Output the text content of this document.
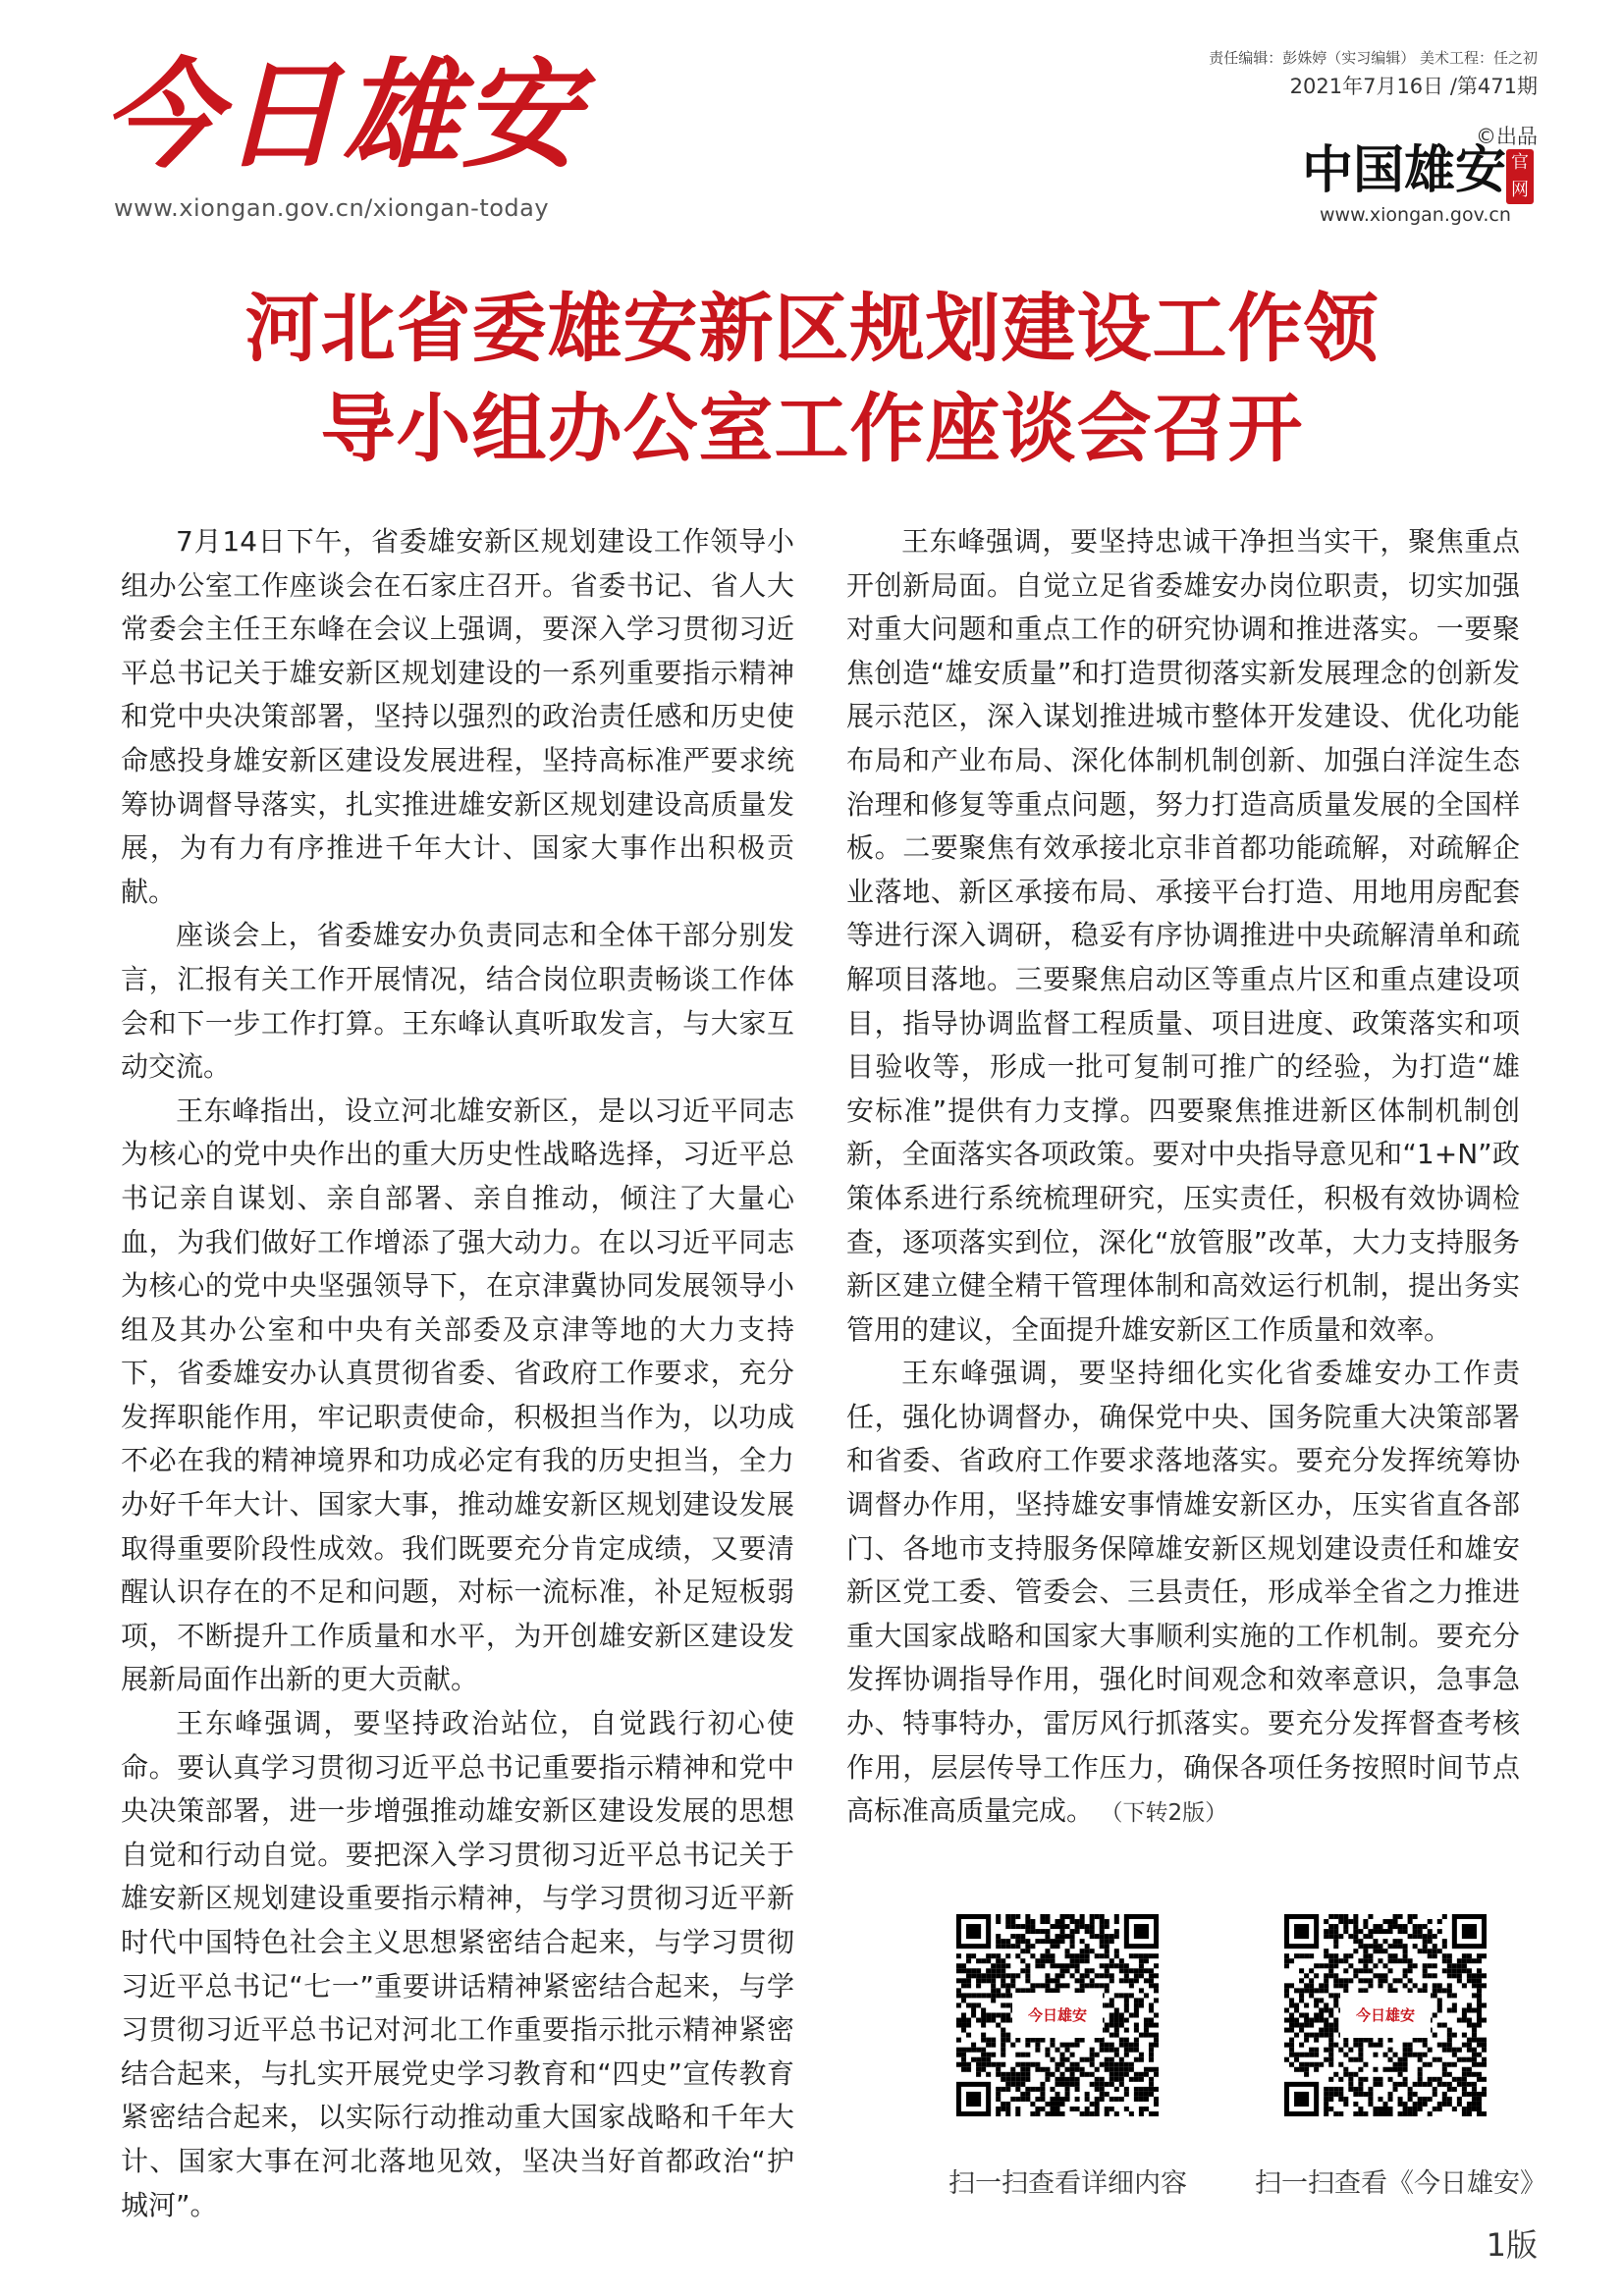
今日雄安
www.xiongan.gov.cn/xiongan-today
责任编辑：彭姝婷（实习编辑） 美术工程：任之初
2021年7月16日 /第471期
©出品
中国雄安 官网
www.xiongan.gov.cn
河北省委雄安新区规划建设工作领
导小组办公室工作座谈会召开

7月14日下午，省委雄安新区规划建设工作领导小组办公室工作座谈会在石家庄召开。省委书记、省人大常委会主任王东峰在会议上强调，要深入学习贯彻习近平总书记关于雄安新区规划建设的一系列重要指示精神和党中央决策部署，坚持以强烈的政治责任感和历史使命感投身雄安新区建设发展进程，坚持高标准严要求统筹协调督导落实，扎实推进雄安新区规划建设高质量发展，为有力有序推进千年大计、国家大事作出积极贡献。

座谈会上，省委雄安办负责同志和全体干部分别发言，汇报有关工作开展情况，结合岗位职责畅谈工作体会和下一步工作打算。王东峰认真听取发言，与大家互动交流。

王东峰指出，设立河北雄安新区，是以习近平同志为核心的党中央作出的重大历史性战略选择，习近平总书记亲自谋划、亲自部署、亲自推动，倾注了大量心血，为我们做好工作增添了强大动力。在以习近平同志为核心的党中央坚强领导下，在京津冀协同发展领导小组及其办公室和中央有关部委及京津等地的大力支持下，省委雄安办认真贯彻省委、省政府工作要求，充分发挥职能作用，牢记职责使命，积极担当作为，以功成不必在我的精神境界和功成必定有我的历史担当，全力办好千年大计、国家大事，推动雄安新区规划建设发展取得重要阶段性成效。我们既要充分肯定成绩，又要清醒认识存在的不足和问题，对标一流标准，补足短板弱项，不断提升工作质量和水平，为开创雄安新区建设发展新局面作出新的更大贡献。

王东峰强调，要坚持政治站位，自觉践行初心使命。要认真学习贯彻习近平总书记重要指示精神和党中央决策部署，进一步增强推动雄安新区建设发展的思想自觉和行动自觉。要把深入学习贯彻习近平总书记关于雄安新区规划建设重要指示精神，与学习贯彻习近平新时代中国特色社会主义思想紧密结合起来，与学习贯彻习近平总书记“七一”重要讲话精神紧密结合起来，与学习贯彻习近平总书记对河北工作重要指示批示精神紧密结合起来，与扎实开展党史学习教育和“四史”宣传教育紧密结合起来，以实际行动推动重大国家战略和千年大计、国家大事在河北落地见效，坚决当好首都政治“护城河”。

王东峰强调，要坚持忠诚干净担当实干，聚焦重点开创新局面。自觉立足省委雄安办岗位职责，切实加强对重大问题和重点工作的研究协调和推进落实。一要聚焦创造“雄安质量”和打造贯彻落实新发展理念的创新发展示范区，深入谋划推进城市整体开发建设、优化功能布局和产业布局、深化体制机制创新、加强白洋淀生态治理和修复等重点问题，努力打造高质量发展的全国样板。二要聚焦有效承接北京非首都功能疏解，对疏解企业落地、新区承接布局、承接平台打造、用地用房配套等进行深入调研，稳妥有序协调推进中央疏解清单和疏解项目落地。三要聚焦启动区等重点片区和重点建设项目，指导协调监督工程质量、项目进度、政策落实和项目验收等，形成一批可复制可推广的经验，为打造“雄安标准”提供有力支撑。四要聚焦推进新区体制机制创新，全面落实各项政策。要对中央指导意见和“1+N”政策体系进行系统梳理研究，压实责任，积极有效协调检查，逐项落实到位，深化“放管服”改革，大力支持服务新区建立健全精干管理体制和高效运行机制，提出务实管用的建议，全面提升雄安新区工作质量和效率。

王东峰强调，要坚持细化实化省委雄安办工作责任，强化协调督办，确保党中央、国务院重大决策部署和省委、省政府工作要求落地落实。要充分发挥统筹协调督办作用，坚持雄安事情雄安新区办，压实省直各部门、各地市支持服务保障雄安新区规划建设责任和雄安新区党工委、管委会、三县责任，形成举全省之力推进重大国家战略和国家大事顺利实施的工作机制。要充分发挥协调指导作用，强化时间观念和效率意识，急事急办、特事特办，雷厉风行抓落实。要充分发挥督查考核作用，层层传导工作压力，确保各项任务按照时间节点高标准高质量完成。 （下转2版）

今日雄安
扫一扫查看详细内容
今日雄安
扫一扫查看《今日雄安》
1版
